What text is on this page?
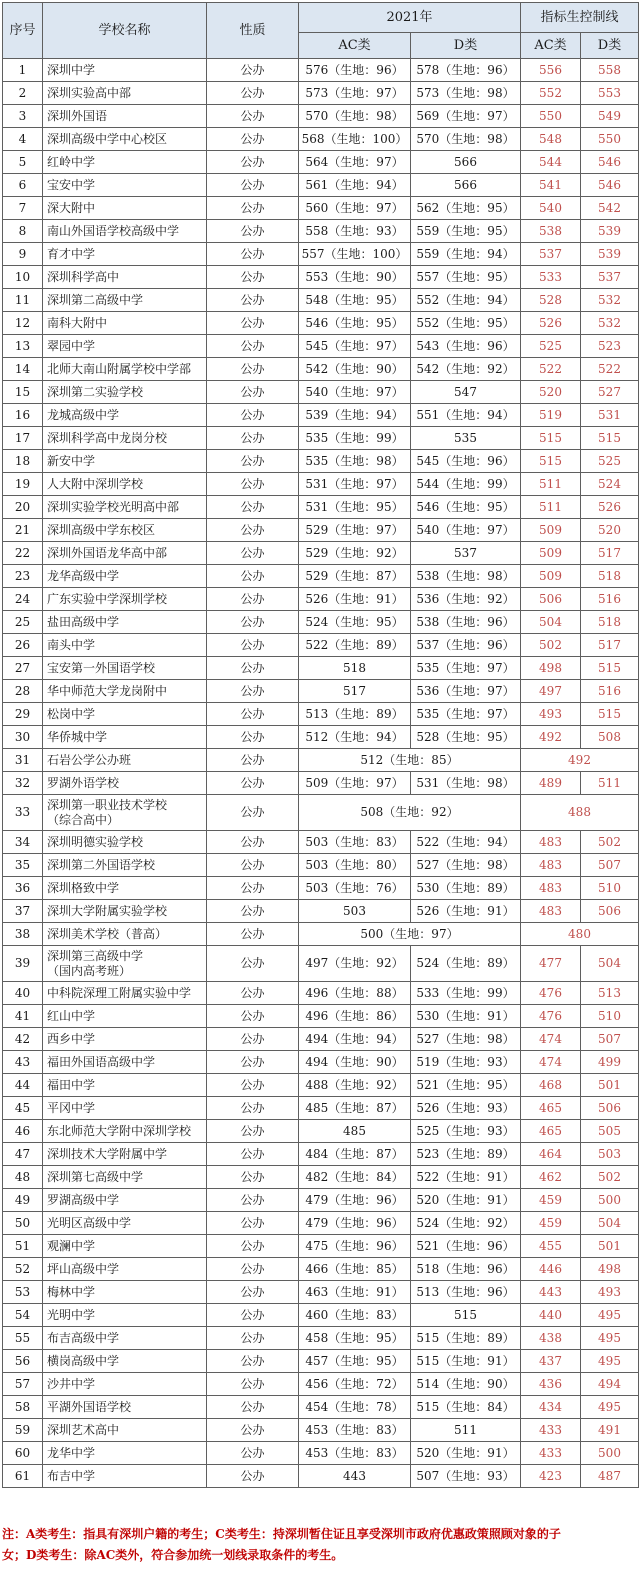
序号	学校名称	性质	2021年		指标生控制线	
			AC类	D类	AC类	D类
1	深圳中学	公办	576（生地：96）	578（生地：96）	556	558
2	深圳实验高中部	公办	573（生地：97）	573（生地：98）	552	553
3	深圳外国语	公办	570（生地：98）	569（生地：97）	550	549
4	深圳高级中学中心校区	公办	568（生地：100）	570（生地：98）	548	550
5	红岭中学	公办	564（生地：97）	566	544	546
6	宝安中学	公办	561（生地：94）	566	541	546
7	深大附中	公办	560（生地：97）	562（生地：95）	540	542
8	南山外国语学校高级中学	公办	558（生地：93）	559（生地：95）	538	539
9	育才中学	公办	557（生地：100）	559（生地：94）	537	539
10	深圳科学高中	公办	553（生地：90）	557（生地：95）	533	537
11	深圳第二高级中学	公办	548（生地：95）	552（生地：94）	528	532
12	南科大附中	公办	546（生地：95）	552（生地：95）	526	532
13	翠园中学	公办	545（生地：97）	543（生地：96）	525	523
14	北师大南山附属学校中学部	公办	542（生地：90）	542（生地：92）	522	522
15	深圳第二实验学校	公办	540（生地：97）	547	520	527
16	龙城高级中学	公办	539（生地：94）	551（生地：94）	519	531
17	深圳科学高中龙岗分校	公办	535（生地：99）	535	515	515
18	新安中学	公办	535（生地：98）	545（生地：96）	515	525
19	人大附中深圳学校	公办	531（生地：97）	544（生地：99）	511	524
20	深圳实验学校光明高中部	公办	531（生地：95）	546（生地：95）	511	526
21	深圳高级中学东校区	公办	529（生地：97）	540（生地：97）	509	520
22	深圳外国语龙华高中部	公办	529（生地：92）	537	509	517
23	龙华高级中学	公办	529（生地：87）	538（生地：98）	509	518
24	广东实验中学深圳学校	公办	526（生地：91）	536（生地：92）	506	516
25	盐田高级中学	公办	524（生地：95）	538（生地：96）	504	518
26	南头中学	公办	522（生地：89）	537（生地：96）	502	517
27	宝安第一外国语学校	公办	518	535（生地：97）	498	515
28	华中师范大学龙岗附中	公办	517	536（生地：97）	497	516
29	松岗中学	公办	513（生地：89）	535（生地：97）	493	515
30	华侨城中学	公办	512（生地：94）	528（生地：95）	492	508
31	石岩公学公办班	公办	512（生地：85）		492	
32	罗湖外语学校	公办	509（生地：97）	531（生地：98）	489	511
33	深圳第一职业技术学校
（综合高中）	公办	508（生地：92）		488	
34	深圳明德实验学校	公办	503（生地：83）	522（生地：94）	483	502
35	深圳第二外国语学校	公办	503（生地：80）	527（生地：98）	483	507
36	深圳格致中学	公办	503（生地：76）	530（生地：89）	483	510
37	深圳大学附属实验学校	公办	503	526（生地：91）	483	506
38	深圳美术学校（普高）	公办	500（生地：97）		480	
39	深圳第三高级中学
（国内高考班）	公办	497（生地：92）	524（生地：89）	477	504
40	中科院深理工附属实验中学	公办	496（生地：88）	533（生地：99）	476	513
41	红山中学	公办	496（生地：86）	530（生地：91）	476	510
42	西乡中学	公办	494（生地：94）	527（生地：98）	474	507
43	福田外国语高级中学	公办	494（生地：90）	519（生地：93）	474	499
44	福田中学	公办	488（生地：92）	521（生地：95）	468	501
45	平冈中学	公办	485（生地：87）	526（生地：93）	465	506
46	东北师范大学附中深圳学校	公办	485	525（生地：93）	465	505
47	深圳技术大学附属中学	公办	484（生地：87）	523（生地：89）	464	503
48	深圳第七高级中学	公办	482（生地：84）	522（生地：91）	462	502
49	罗湖高级中学	公办	479（生地：96）	520（生地：91）	459	500
50	光明区高级中学	公办	479（生地：96）	524（生地：92）	459	504
51	观澜中学	公办	475（生地：96）	521（生地：96）	455	501
52	坪山高级中学	公办	466（生地：85）	518（生地：96）	446	498
53	梅林中学	公办	463（生地：91）	513（生地：96）	443	493
54	光明中学	公办	460（生地：83）	515	440	495
55	布吉高级中学	公办	458（生地：95）	515（生地：89）	438	495
56	横岗高级中学	公办	457（生地：95）	515（生地：91）	437	495
57	沙井中学	公办	456（生地：72）	514（生地：90）	436	494
58	平湖外国语学校	公办	454（生地：78）	515（生地：84）	434	495
59	深圳艺术高中	公办	453（生地：83）	511	433	491
60	龙华中学	公办	453（生地：83）	520（生地：91）	433	500
61	布吉中学	公办	443	507（生地：93）	423	487
注：A类考生：指具有深圳户籍的考生；C类考生：持深圳暂住证且享受深圳市政府优惠政策照顾对象的子
女；D类考生：除AC类外，符合参加统一划线录取条件的考生。
